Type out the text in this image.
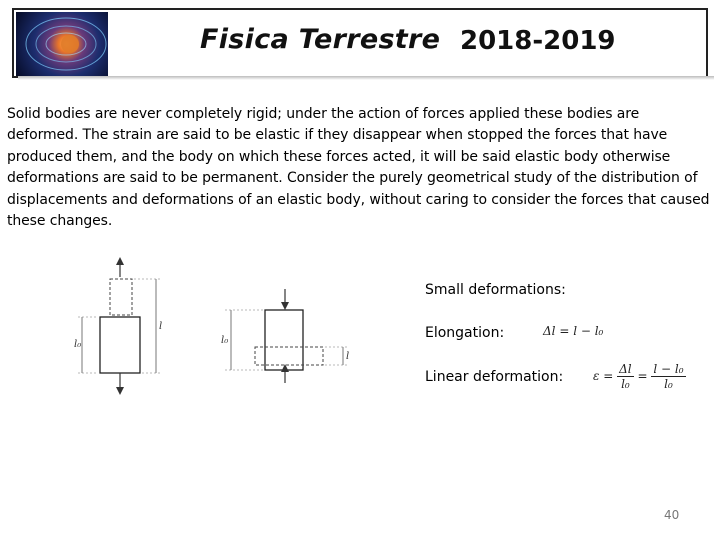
Fisica Terrestre 2018-2019
Solid bodies are never completely rigid; under the action of forces applied these bodies are deformed. The strain are said to be elastic if they disappear when stopped the forces that have produced them, and the body on which these forces acted, it will be said elastic body otherwise deformations are said to be permanent. Consider the purely geometrical study of the distribution of displacements and deformations of an elastic body, without caring to consider the forces that caused these changes.
l₀
l
l₀
l
Small deformations:
Elongation:	Δl = l − l₀
Linear deformation: $\varepsilon = \frac{\Delta l}{\text{l₀}} = \frac{\text{l − l₀}}{\text{l₀}}$
40
